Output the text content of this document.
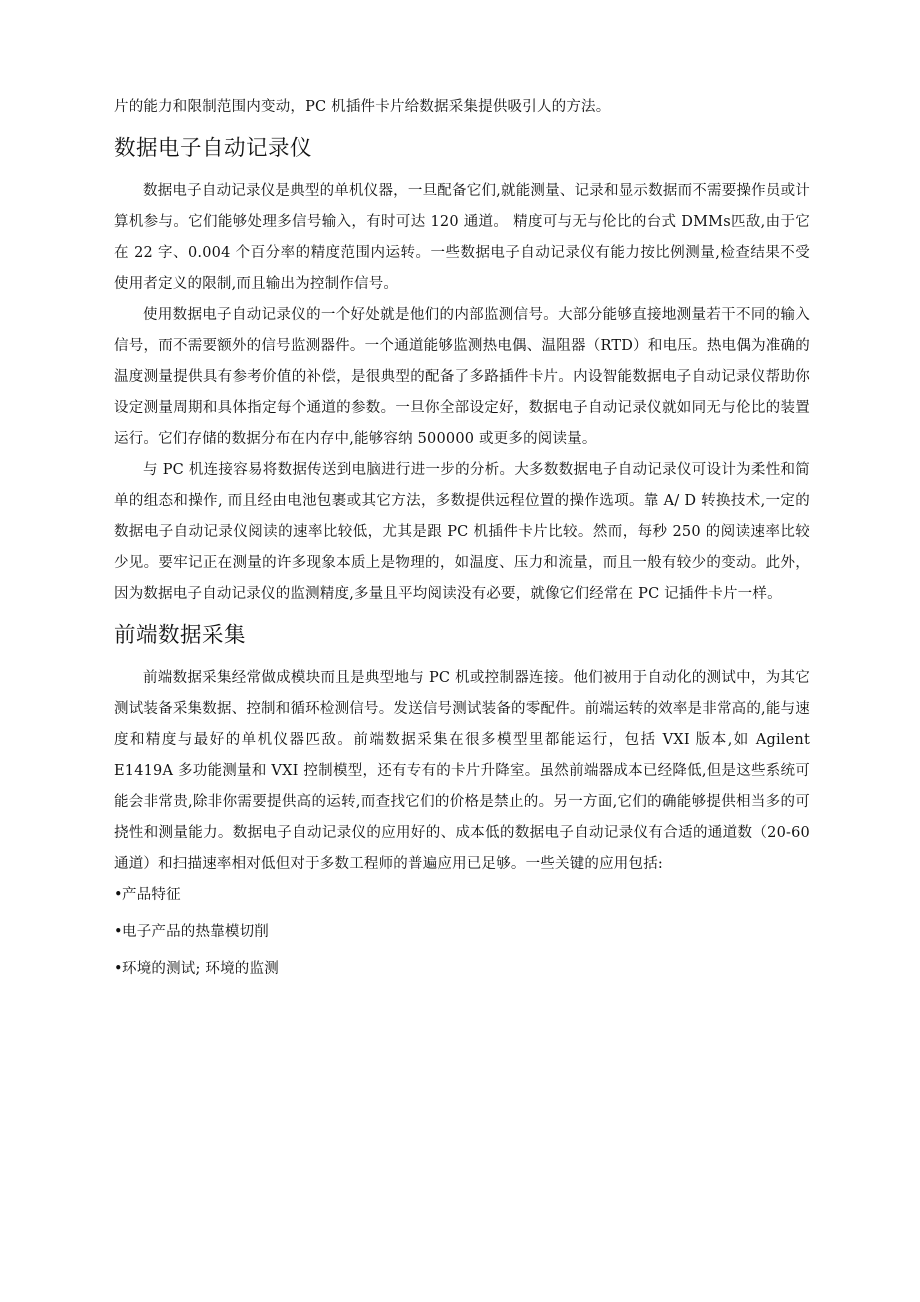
片的能力和限制范围内变动，PC 机插件卡片给数据采集提供吸引人的方法。

数据电子自动记录仪

数据电子自动记录仪是典型的单机仪器，一旦配备它们,就能测量、记录和显示数据而不需要操作员或计算机参与。它们能够处理多信号输入，有时可达 120 通道。 精度可与无与伦比的台式 DMMs匹敌,由于它在 22 字、0.004 个百分率的精度范围内运转。一些数据电子自动记录仪有能力按比例测量,检查结果不受使用者定义的限制,而且输出为控制作信号。

使用数据电子自动记录仪的一个好处就是他们的内部监测信号。大部分能够直接地测量若干不同的输入信号，而不需要额外的信号监测器件。一个通道能够监测热电偶、温阻器（RTD）和电压。热电偶为准确的温度测量提供具有参考价值的补偿，是很典型的配备了多路插件卡片。内设智能数据电子自动记录仪帮助你设定测量周期和具体指定每个通道的参数。一旦你全部设定好，数据电子自动记录仪就如同无与伦比的装置运行。它们存储的数据分布在内存中,能够容纳 500000 或更多的阅读量。

与 PC 机连接容易将数据传送到电脑进行进一步的分析。大多数数据电子自动记录仪可设计为柔性和简单的组态和操作, 而且经由电池包裹或其它方法，多数提供远程位置的操作选项。靠 A/ D 转换技术,一定的数据电子自动记录仪阅读的速率比较低，尤其是跟 PC 机插件卡片比较。然而，每秒 250 的阅读速率比较少见。要牢记正在测量的许多现象本质上是物理的，如温度、压力和流量，而且一般有较少的变动。此外，因为数据电子自动记录仪的监测精度,多量且平均阅读没有必要，就像它们经常在 PC 记插件卡片一样。

前端数据采集

前端数据采集经常做成模块而且是典型地与 PC 机或控制器连接。他们被用于自动化的测试中，为其它测试装备采集数据、控制和循环检测信号。发送信号测试装备的零配件。前端运转的效率是非常高的,能与速度和精度与最好的单机仪器匹敌。前端数据采集在很多模型里都能运行，包括 VXI 版本,如 Agilent E1419A 多功能测量和 VXI 控制模型，还有专有的卡片升降室。虽然前端器成本已经降低,但是这些系统可能会非常贵,除非你需要提供高的运转,而查找它们的价格是禁止的。另一方面,它们的确能够提供相当多的可挠性和测量能力。数据电子自动记录仪的应用好的、成本低的数据电子自动记录仪有合适的通道数（20-60 通道）和扫描速率相对低但对于多数工程师的普遍应用已足够。一些关键的应用包括:

•产品特征
•电子产品的热靠模切削
•环境的测试; 环境的监测
